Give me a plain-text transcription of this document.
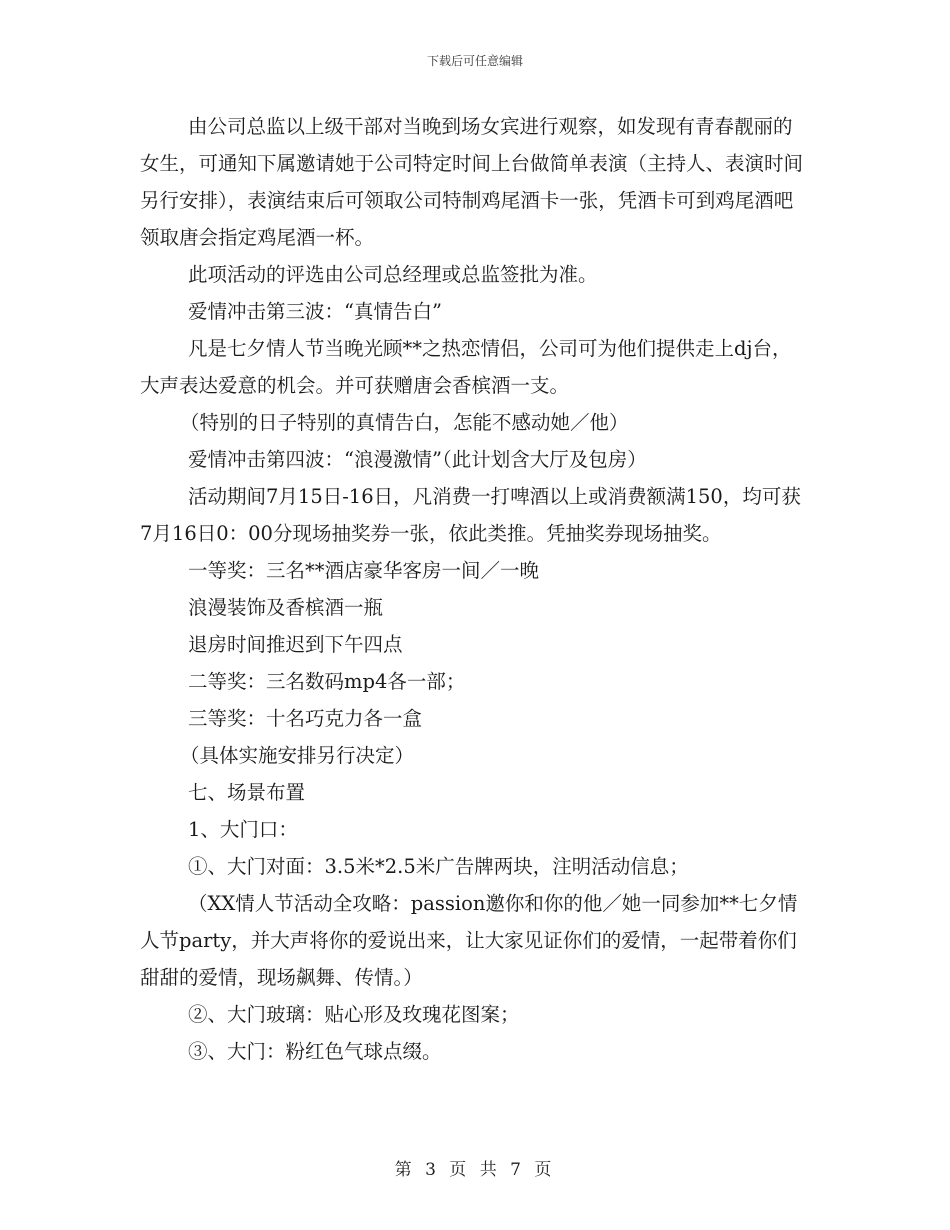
下载后可任意编辑

由公司总监以上级干部对当晚到场女宾进行观察，如发现有青春靓丽的女生，可通知下属邀请她于公司特定时间上台做简单表演（主持人、表演时间另行安排），表演结束后可领取公司特制鸡尾酒卡一张，凭酒卡可到鸡尾酒吧领取唐会指定鸡尾酒一杯。

此项活动的评选由公司总经理或总监签批为准。

爱情冲击第三波：“真情告白”

凡是七夕情人节当晚光顾**之热恋情侣，公司可为他们提供走上dj台，大声表达爱意的机会。并可获赠唐会香槟酒一支。

（特别的日子特别的真情告白，怎能不感动她／他）

爱情冲击第四波：“浪漫激情”（此计划含大厅及包房）

活动期间7月15日-16日，凡消费一打啤酒以上或消费额满150，均可获7月16日0：00分现场抽奖券一张，依此类推。凭抽奖券现场抽奖。

一等奖：三名**酒店豪华客房一间／一晚

浪漫装饰及香槟酒一瓶

退房时间推迟到下午四点

二等奖：三名数码mp4各一部；

三等奖：十名巧克力各一盒

（具体实施安排另行决定）

七、场景布置

1、大门口：

①、大门对面：3.5米*2.5米广告牌两块，注明活动信息；

（XX情人节活动全攻略：passion邀你和你的他／她一同参加**七夕情人节party，并大声将你的爱说出来，让大家见证你们的爱情，一起带着你们甜甜的爱情，现场飙舞、传情。）

②、大门玻璃：贴心形及玫瑰花图案；

③、大门：粉红色气球点缀。

第 3 页 共 7 页
